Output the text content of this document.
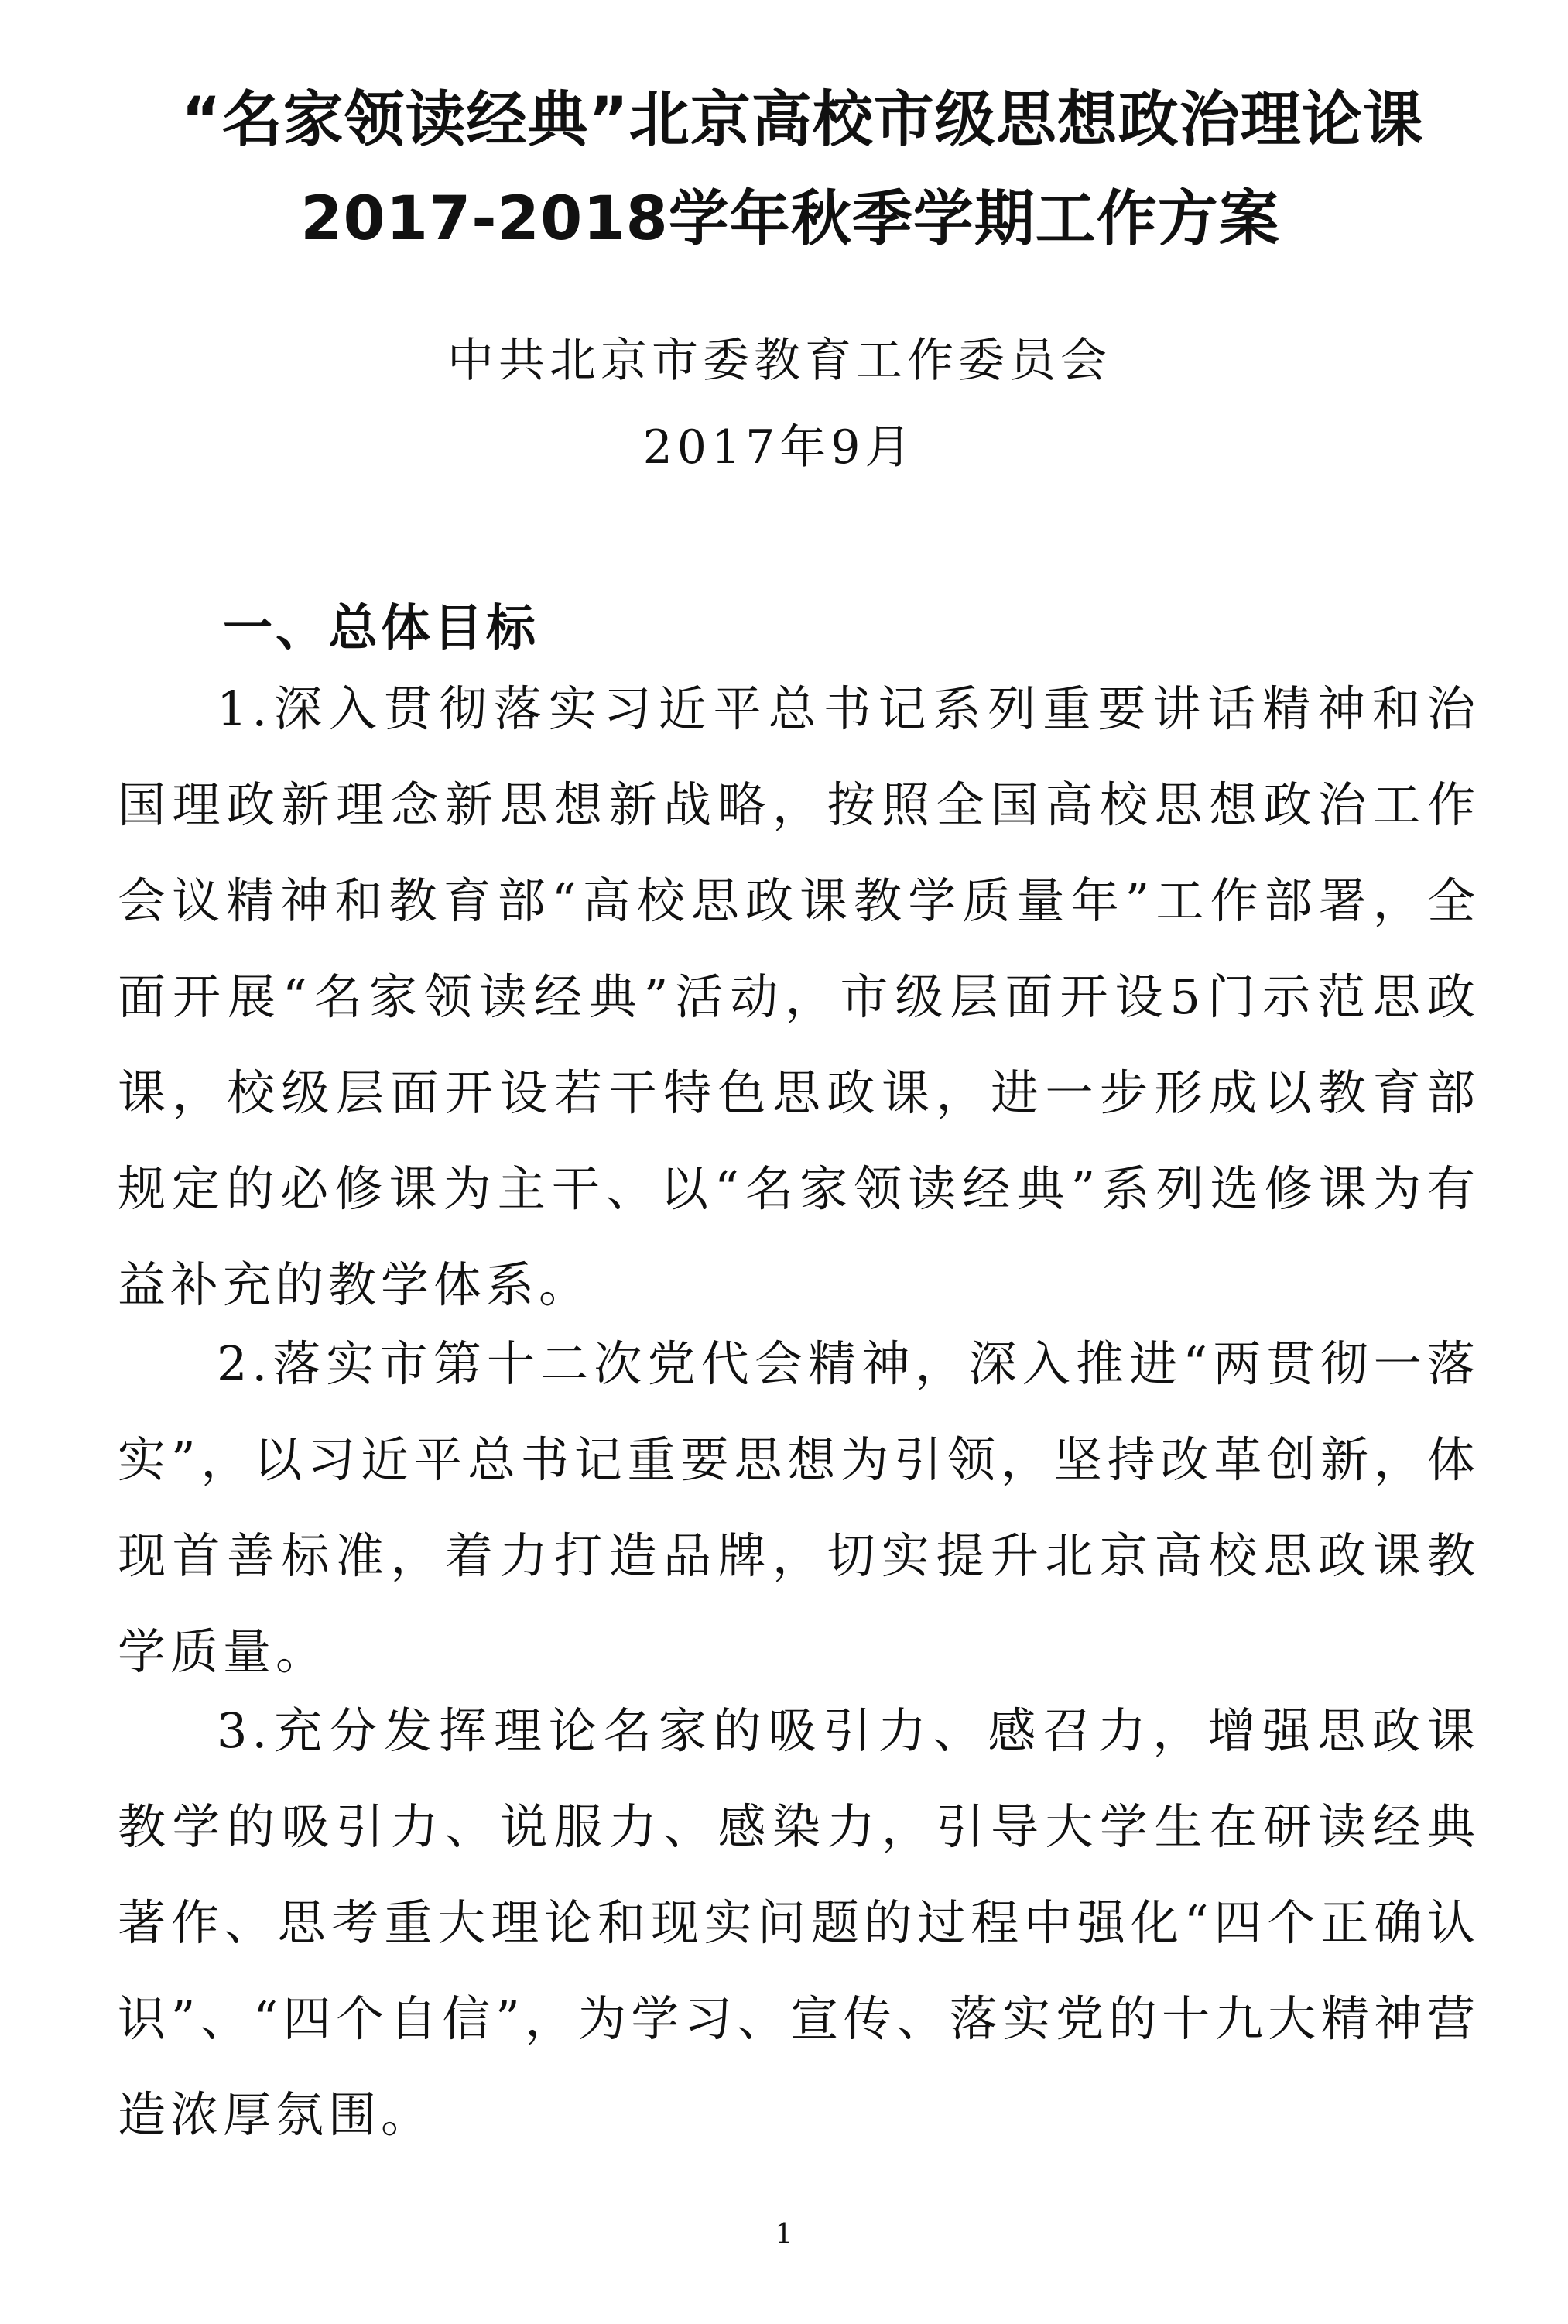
“名家领读经典”北京高校市级思想政治理论课
2017-2018学年秋季学期工作方案
中共北京市委教育工作委员会
2017年9月
一、总体目标

1.深入贯彻落实习近平总书记系列重要讲话精神和治国理政新理念新思想新战略，按照全国高校思想政治工作会议精神和教育部“高校思政课教学质量年”工作部署，全面开展“名家领读经典”活动，市级层面开设5门示范思政课，校级层面开设若干特色思政课，进一步形成以教育部规定的必修课为主干、以“名家领读经典”系列选修课为有益补充的教学体系。

2.落实市第十二次党代会精神，深入推进“两贯彻一落实”，以习近平总书记重要思想为引领，坚持改革创新，体现首善标准，着力打造品牌，切实提升北京高校思政课教学质量。

3.充分发挥理论名家的吸引力、感召力，增强思政课教学的吸引力、说服力、感染力，引导大学生在研读经典著作、思考重大理论和现实问题的过程中强化“四个正确认识”、“四个自信”，为学习、宣传、落实党的十九大精神营造浓厚氛围。

1
